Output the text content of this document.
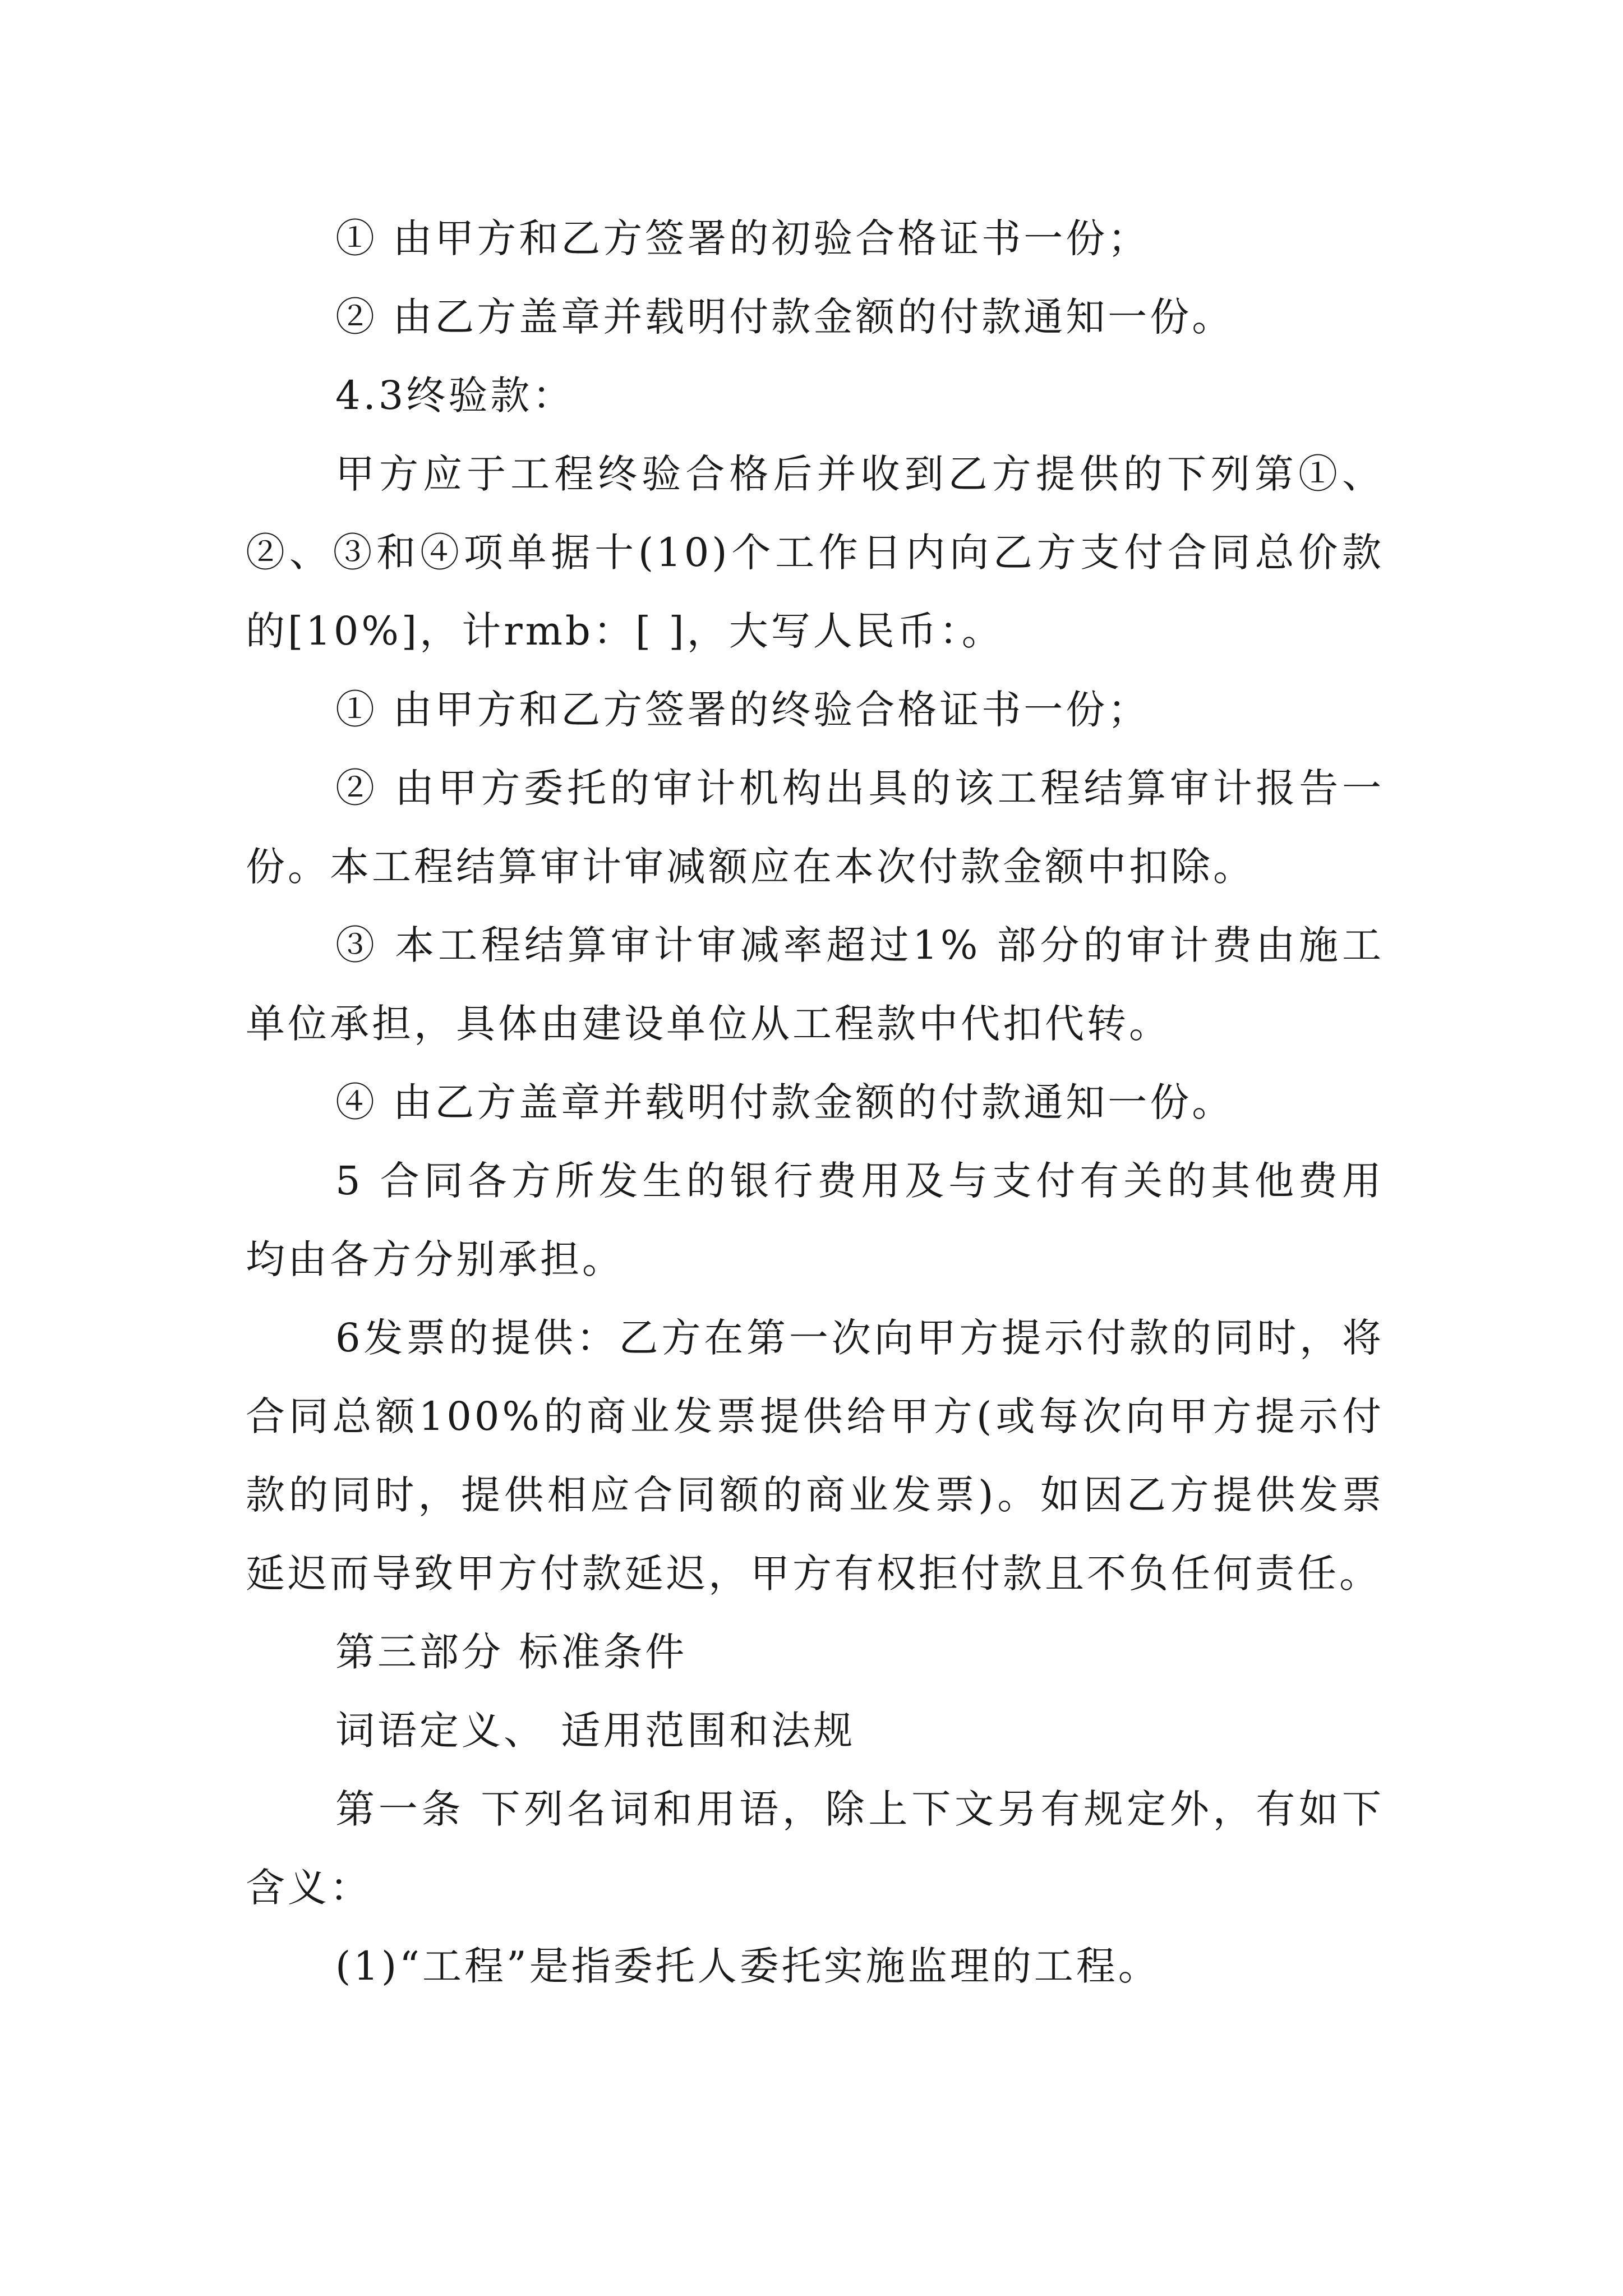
① 由甲方和乙方签署的初验合格证书一份；

② 由乙方盖章并载明付款金额的付款通知一份。

4.3终验款：

甲方应于工程终验合格后并收到乙方提供的下列第①、②、③和④项单据十(10)个工作日内向乙方支付合同总价款的[10%]，计rmb：[ ]，大写人民币：。

① 由甲方和乙方签署的终验合格证书一份；

② 由甲方委托的审计机构出具的该工程结算审计报告一份。本工程结算审计审减额应在本次付款金额中扣除。

③ 本工程结算审计审减率超过1% 部分的审计费由施工单位承担，具体由建设单位从工程款中代扣代转。

④ 由乙方盖章并载明付款金额的付款通知一份。

5 合同各方所发生的银行费用及与支付有关的其他费用均由各方分别承担。

6发票的提供：乙方在第一次向甲方提示付款的同时，将合同总额100%的商业发票提供给甲方(或每次向甲方提示付款的同时，提供相应合同额的商业发票)。如因乙方提供发票延迟而导致甲方付款延迟，甲方有权拒付款且不负任何责任。

第三部分 标准条件

词语定义、 适用范围和法规

第一条 下列名词和用语，除上下文另有规定外，有如下含义：

(1)“工程”是指委托人委托实施监理的工程。
